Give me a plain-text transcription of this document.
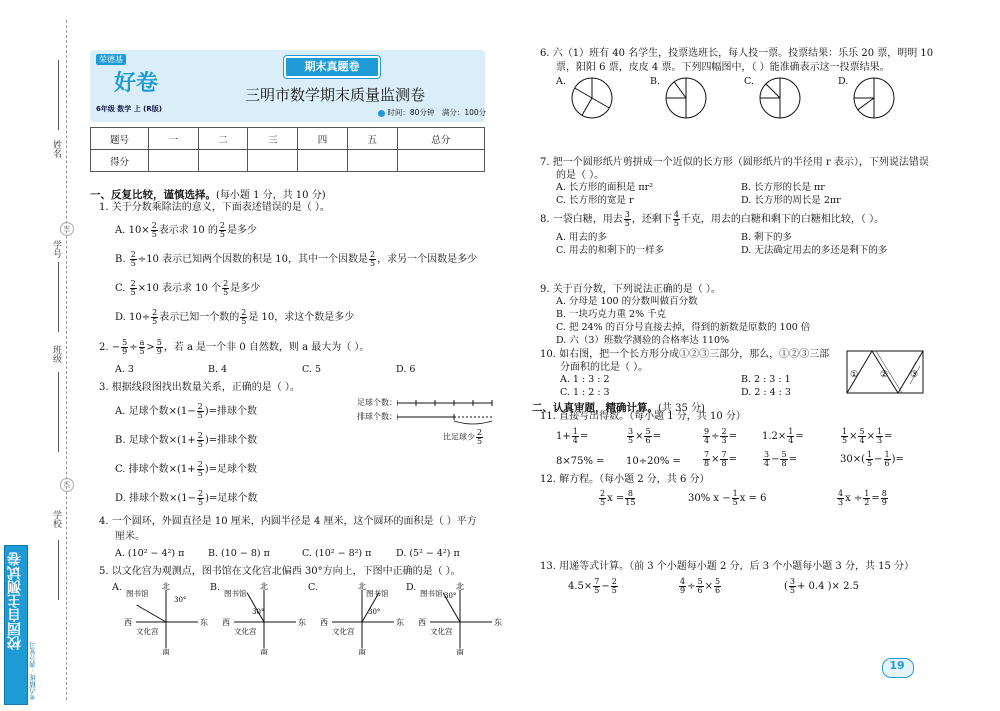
姓名
学号
密
班级
线
学校
校园自主测试卷
考点精练 · 满分复习
荣德基
好卷
6年级 数学 上 (R版)
期末真题卷
三明市数学期末质量监测卷
时间：80分钟 满分：100分
题号	一	二	三	四	五	总分
得分						
一、反复比较，谨慎选择。(每小题 1 分，共 10 分)
1. 关于分数乘除法的意义，下面表述错误的是（ ）。
A. $10\times \frac{2}{5}$ 表示求 10 的 $\frac{2}{5}$ 是多少
B. $\frac{2}{5} \div 10$ 表示已知两个因数的积是 10，其中一个因数是 $\frac{2}{5}$ ，求另一个因数是多少
C. $\frac{2}{5} \times 10$ 表示求 10 个 $\frac{2}{5}$ 是多少
D. $10\div \frac{2}{5}$ 表示已知一个数的 $\frac{2}{5}$ 是 10，求这个数是多少
2. − $\frac{5}{9} \div \frac{a}{5} > \frac{5}{9}$ ，若 a 是一个非 0 自然数，则 a 最大为（ ）。
A. 3	B. 4	C. 5	D. 6
3. 根据线段图找出数量关系，正确的是（ ）。
A. 足球个数$\times(1- \frac{2}{5}$ )=排球个数
B. 足球个数$\times(1+ \frac{2}{5}$ )=排球个数
C. 排球个数$\times(1+ \frac{2}{5}$ )=足球个数
D. 排球个数$\times(1- \frac{2}{5}$ )=足球个数
足球个数：
排球个数：
比足球少 $\frac{2}{5}$
4. 一个圆环，外圆直径是 10 厘米，内圆半径是 4 厘米，这个圆环的面积是（ ）平方
厘米。
A. (10² − 4²) π B. (10 − 8) π	C. (10² − 8²) π	D. (5² − 4²) π
5. 以文化宫为观测点，图书馆在文化宫北偏西 30°方向上，下图中正确的是（ ）。
A.	北
南
东
西
图书馆
文化宫
30°
B.	北
南
东
西
图书馆
文化宫
30°
C.	北
南
东
西
图书馆
文化宫
30°
D.	北
南
东
西
图书馆
文化宫
30°
6. 六（1）班有 40 名学生，投票选班长，每人投一票。投票结果：乐乐 20 票，明明 10
票，阳阳 6 票，皮皮 4 票。下列四幅图中，（ ）能准确表示这一投票结果。
A.	B.	C.	D.
7. 把一个圆形纸片剪拼成一个近似的长方形（圆形纸片的半径用 r 表示），下列说法错误
的是（ ）。
A. 长方形的面积是 πr²	B. 长方形的长是 πr
C. 长方形的宽是 r	D. 长方形的周长是 2πr
8. 一袋白糖，用去 $\frac{3}{5}$ ，还剩下 $\frac{4}{5}$ 千克，用去的白糖和剩下的白糖相比较，（ ）。
A. 用去的多	B. 剩下的多
C. 用去的和剩下的一样多	D. 无法确定用去的多还是剩下的多
9. 关于百分数，下列说法正确的是（ ）。
A. 分母是 100 的分数叫做百分数
B. 一块巧克力重 2% 千克
C. 把 24% 的百分号直接去掉，得到的新数是原数的 100 倍
D. 六（3）班数学测验的合格率达 110%
10. 如右图，把一个长方形分成①②③三部分，那么，①②③三部
分面积的比是（ ）。
A. 1 : 3 : 2	B. 2 : 3 : 1
C. 1 : 2 : 3	D. 2 : 4 : 3
① ② ③
二、认真审题，精确计算。(共 35 分)
11. 直接写出得数。（每小题 1 分，共 10 分）
$1+ \frac{1}{4}$ =	$\frac{3}{5} \times \frac{5}{6}$ =	$\frac{9}{4} \div \frac{2}{3}$ =	$1.2\times \frac{1}{4}$ =	$\frac{1}{5} \times \frac{5}{4} \times \frac{1}{3}$ =
8×75% = 10÷20% =	$\frac{7}{8} \times \frac{7}{8}$ =	$\frac{3}{4} - \frac{5}{8}$ =	$30\times( \frac{1}{5} - \frac{1}{6}$ )=
12. 解方程。（每小题 2 分，共 6 分）
$\frac{2}{5}$ $x = \frac{8}{15}$	30% $x - \frac{1}{5}$ x = 6	$\frac{4}{3}$ $x \div \frac{1}{2} = \frac{8}{9}$
13. 用递等式计算。（前 3 个小题每小题 2 分，后 3 个小题每小题 3 分，共 15 分）
$4.5\times \frac{7}{5} - \frac{2}{5}$	$\frac{4}{9} \div \frac{5}{6} \times \frac{5}{6}$	( $\frac{3}{5} + 0.4$ )× 2.5
19
